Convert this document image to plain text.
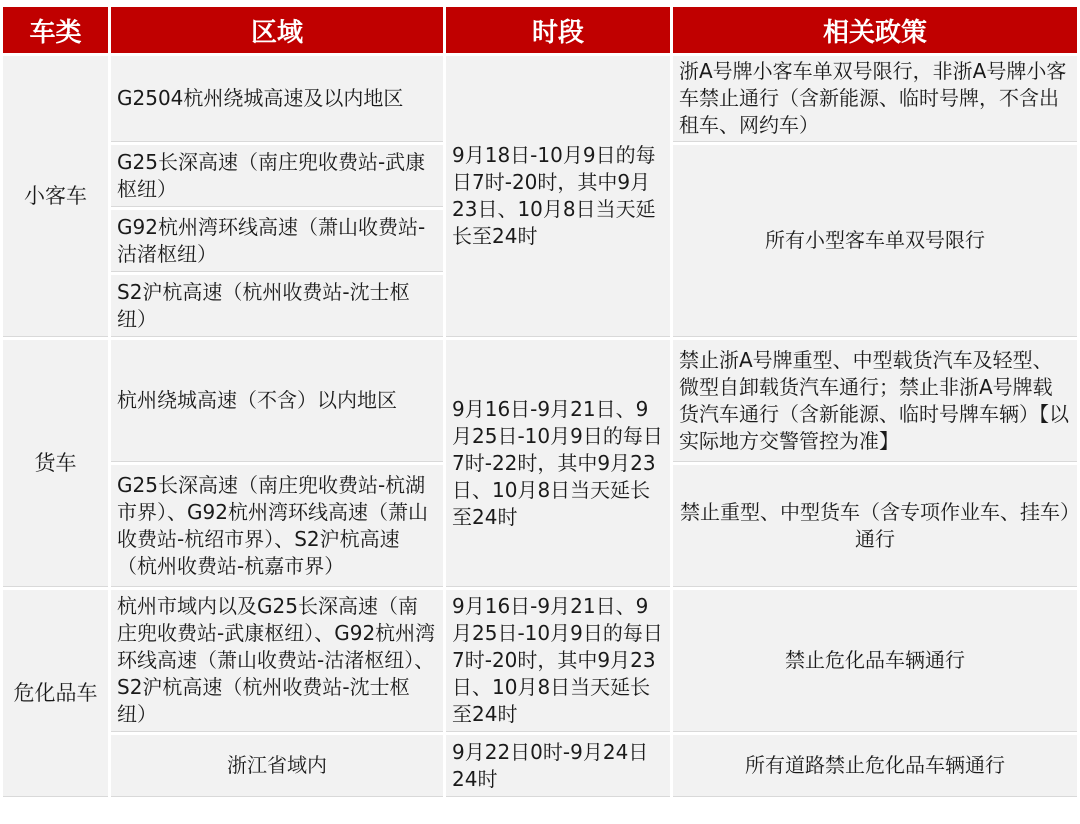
车类	区域	时段	相关政策
小客车	G2504杭州绕城高速及以内地区	9月18日-10月9日的每日7时-20时，其中9月23日、10月8日当天延长至24时	浙A号牌小客车单双号限行，非浙A号牌小客车禁止通行（含新能源、临时号牌，不含出租车、网约车）
	G25长深高速（南庄兜收费站-武康枢纽）		所有小型客车单双号限行
	G92杭州湾环线高速（萧山收费站-沽渚枢纽）		
	S2沪杭高速（杭州收费站-沈士枢纽）		
货车	杭州绕城高速（不含）以内地区	9月16日-9月21日、9月25日-10月9日的每日7时-22时，其中9月23日、10月8日当天延长至24时	禁止浙A号牌重型、中型载货汽车及轻型、微型自卸载货汽车通行；禁止非浙A号牌载货汽车通行（含新能源、临时号牌车辆）【以实际地方交警管控为准】
	G25长深高速（南庄兜收费站-杭湖市界）、G92杭州湾环线高速（萧山收费站-杭绍市界）、S2沪杭高速（杭州收费站-杭嘉市界）		禁止重型、中型货车（含专项作业车、挂车）通行
危化品车	杭州市域内以及G25长深高速（南庄兜收费站-武康枢纽）、G92杭州湾环线高速（萧山收费站-沽渚枢纽）、S2沪杭高速（杭州收费站-沈士枢纽）	9月16日-9月21日、9月25日-10月9日的每日7时-20时，其中9月23日、10月8日当天延长至24时	禁止危化品车辆通行
	浙江省域内	9月22日0时-9月24日24时	所有道路禁止危化品车辆通行
